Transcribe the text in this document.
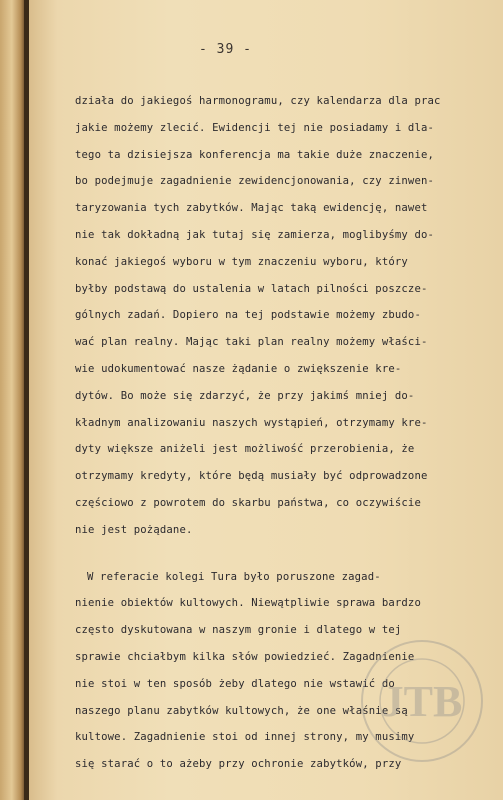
- 39 -
działa do jakiegoś harmonogramu, czy kalendarza dla prac
jakie możemy zlecić. Ewidencji tej nie posiadamy i dla-
tego ta dzisiejsza konferencja ma takie duże znaczenie,
bo podejmuje zagadnienie zewidencjonowania, czy zinwen-
taryzowania tych zabytków. Mając taką ewidencję, nawet
nie tak dokładną jak tutaj się zamierza, moglibyśmy do-
konać jakiegoś wyboru w tym znaczeniu wyboru, który
byłby podstawą do ustalenia w latach pilności poszcze-
gólnych zadań. Dopiero na tej podstawie możemy zbudo-
wać plan realny. Mając taki plan realny możemy właści-
wie udokumentować nasze żądanie o zwiększenie kre-
dytów. Bo może się zdarzyć, że przy jakimś mniej do-
kładnym analizowaniu naszych wystąpień, otrzymamy kre-
dyty większe aniżeli jest możliwość przerobienia, że
otrzymamy kredyty, które będą musiały być odprowadzone
częściowo z powrotem do skarbu państwa, co oczywiście
nie jest pożądane.
W referacie kolegi Tura było poruszone zagad-
nienie obiektów kultowych. Niewątpliwie sprawa bardzo
często dyskutowana w naszym gronie i dlatego w tej
sprawie chciałbym kilka słów powiedzieć. Zagadnienie
nie stoi w ten sposób żeby dlatego nie wstawić do
naszego planu zabytków kultowych, że one właśnie są
kultowe. Zagadnienie stoi od innej strony, my musimy
się starać o to ażeby przy ochronie zabytków, przy
JTB
